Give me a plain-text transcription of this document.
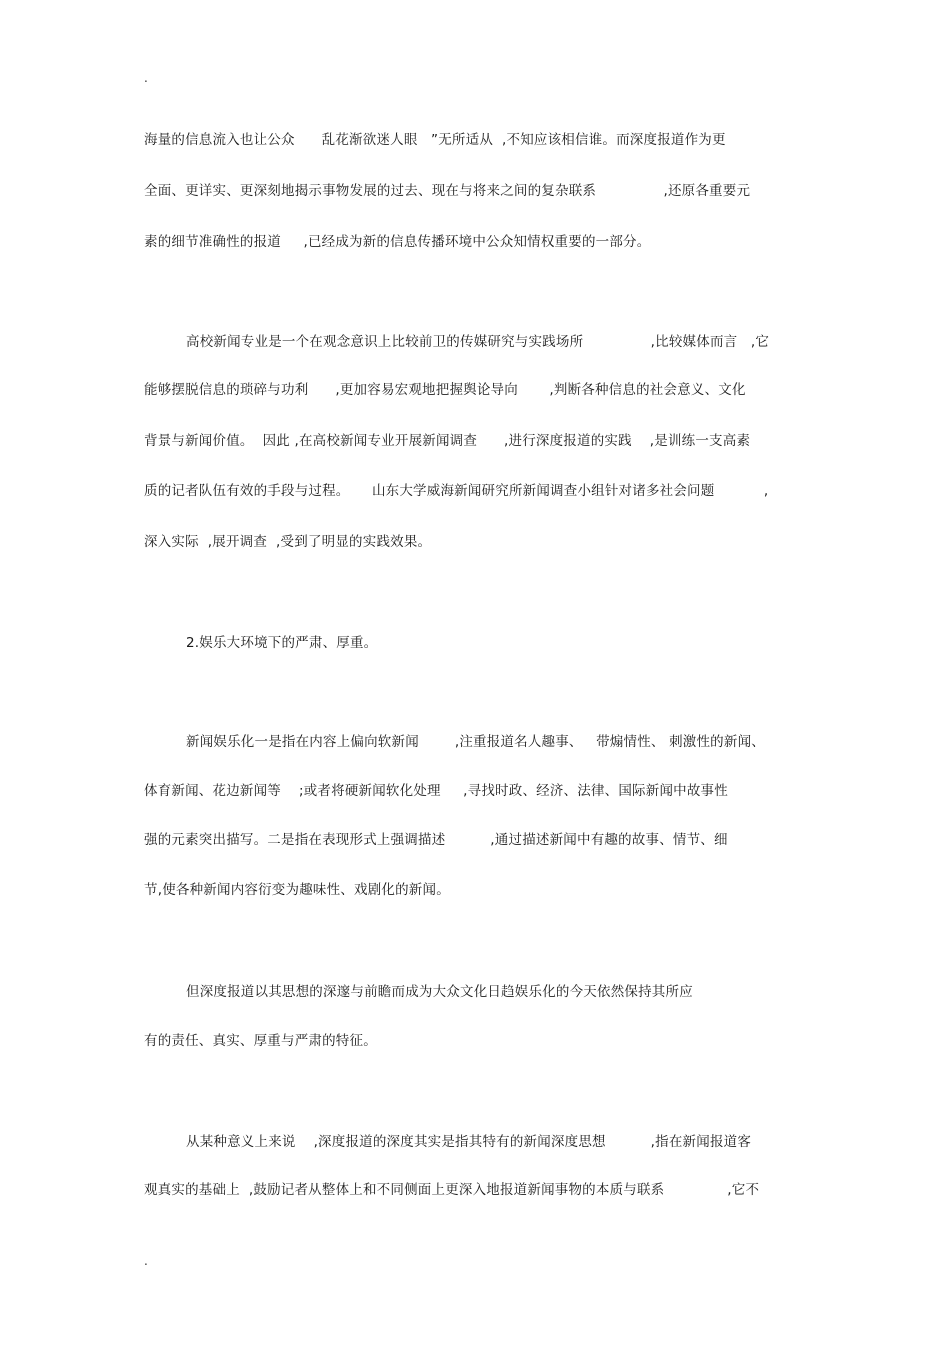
.
海量的信息流入也让公众      乱花渐欲迷人眼   ”无所适从  ,不知应该相信谁。而深度报道作为更
全面、更详实、更深刻地揭示事物发展的过去、现在与将来之间的复杂联系               ,还原各重要元
素的细节准确性的报道     ,已经成为新的信息传播环境中公众知情权重要的一部分。
高校新闻专业是一个在观念意识上比较前卫的传媒研究与实践场所               ,比较媒体而言   ,它
能够摆脱信息的琐碎与功利      ,更加容易宏观地把握舆论导向       ,判断各种信息的社会意义、文化
背景与新闻价值。  因此 ,在高校新闻专业开展新闻调查      ,进行深度报道的实践    ,是训练一支高素
质的记者队伍有效的手段与过程。     山东大学威海新闻研究所新闻调查小组针对诸多社会问题           ,
深入实际  ,展开调查  ,受到了明显的实践效果。
2.娱乐大环境下的严肃、厚重。
新闻娱乐化一是指在内容上偏向软新闻        ,注重报道名人趣事、   带煽情性、 刺激性的新闻、
体育新闻、花边新闻等    ;或者将硬新闻软化处理     ,寻找时政、经济、法律、国际新闻中故事性
强的元素突出描写。二是指在表现形式上强调描述          ,通过描述新闻中有趣的故事、情节、细
节,使各种新闻内容衍变为趣味性、戏剧化的新闻。
但深度报道以其思想的深邃与前瞻而成为大众文化日趋娱乐化的今天依然保持其所应
有的责任、真实、厚重与严肃的特征。
从某种意义上来说    ,深度报道的深度其实是指其特有的新闻深度思想          ,指在新闻报道客
观真实的基础上  ,鼓励记者从整体上和不同侧面上更深入地报道新闻事物的本质与联系              ,它不
.
